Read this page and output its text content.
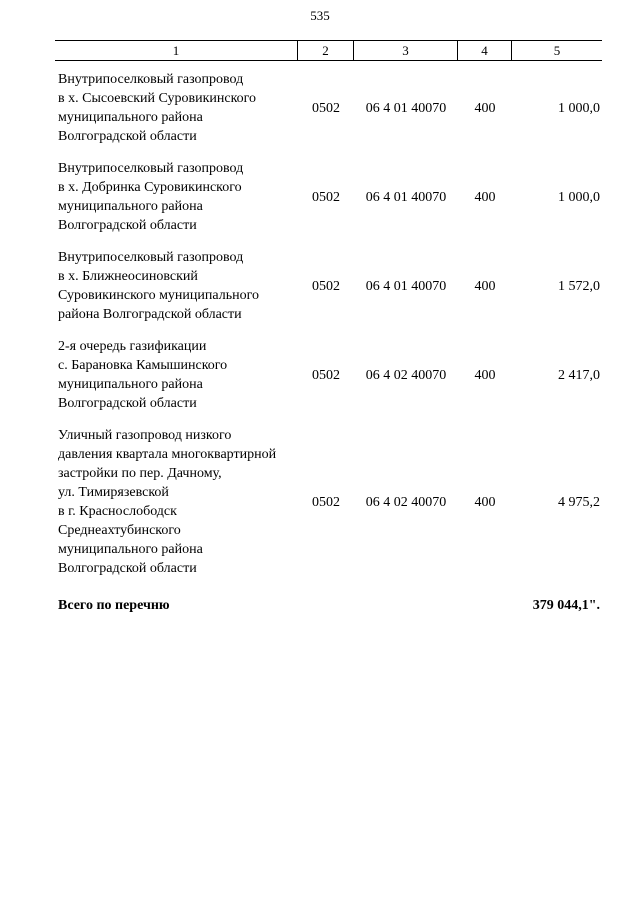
535
1	2	3	4	5
Внутрипоселковый газопровод
в х. Сысоевский Суровикинского
муниципального района
Волгоградской области
0502	06 4 01 40070	400	1 000,0
Внутрипоселковый газопровод
в х. Добринка Суровикинского
муниципального района
Волгоградской области
0502	06 4 01 40070	400	1 000,0
Внутрипоселковый газопровод
в х. Ближнеосиновский
Суровикинского муниципального
района Волгоградской области
0502	06 4 01 40070	400	1 572,0
2-я очередь газификации
с. Барановка Камышинского
муниципального района
Волгоградской области
0502	06 4 02 40070	400	2 417,0
Уличный газопровод низкого
давления квартала многоквартирной
застройки по пер. Дачному,
ул. Тимирязевской
в г. Краснослободск
Среднеахтубинского
муниципального района
Волгоградской области
0502	06 4 02 40070	400	4 975,2
Всего по перечню	379 044,1".
